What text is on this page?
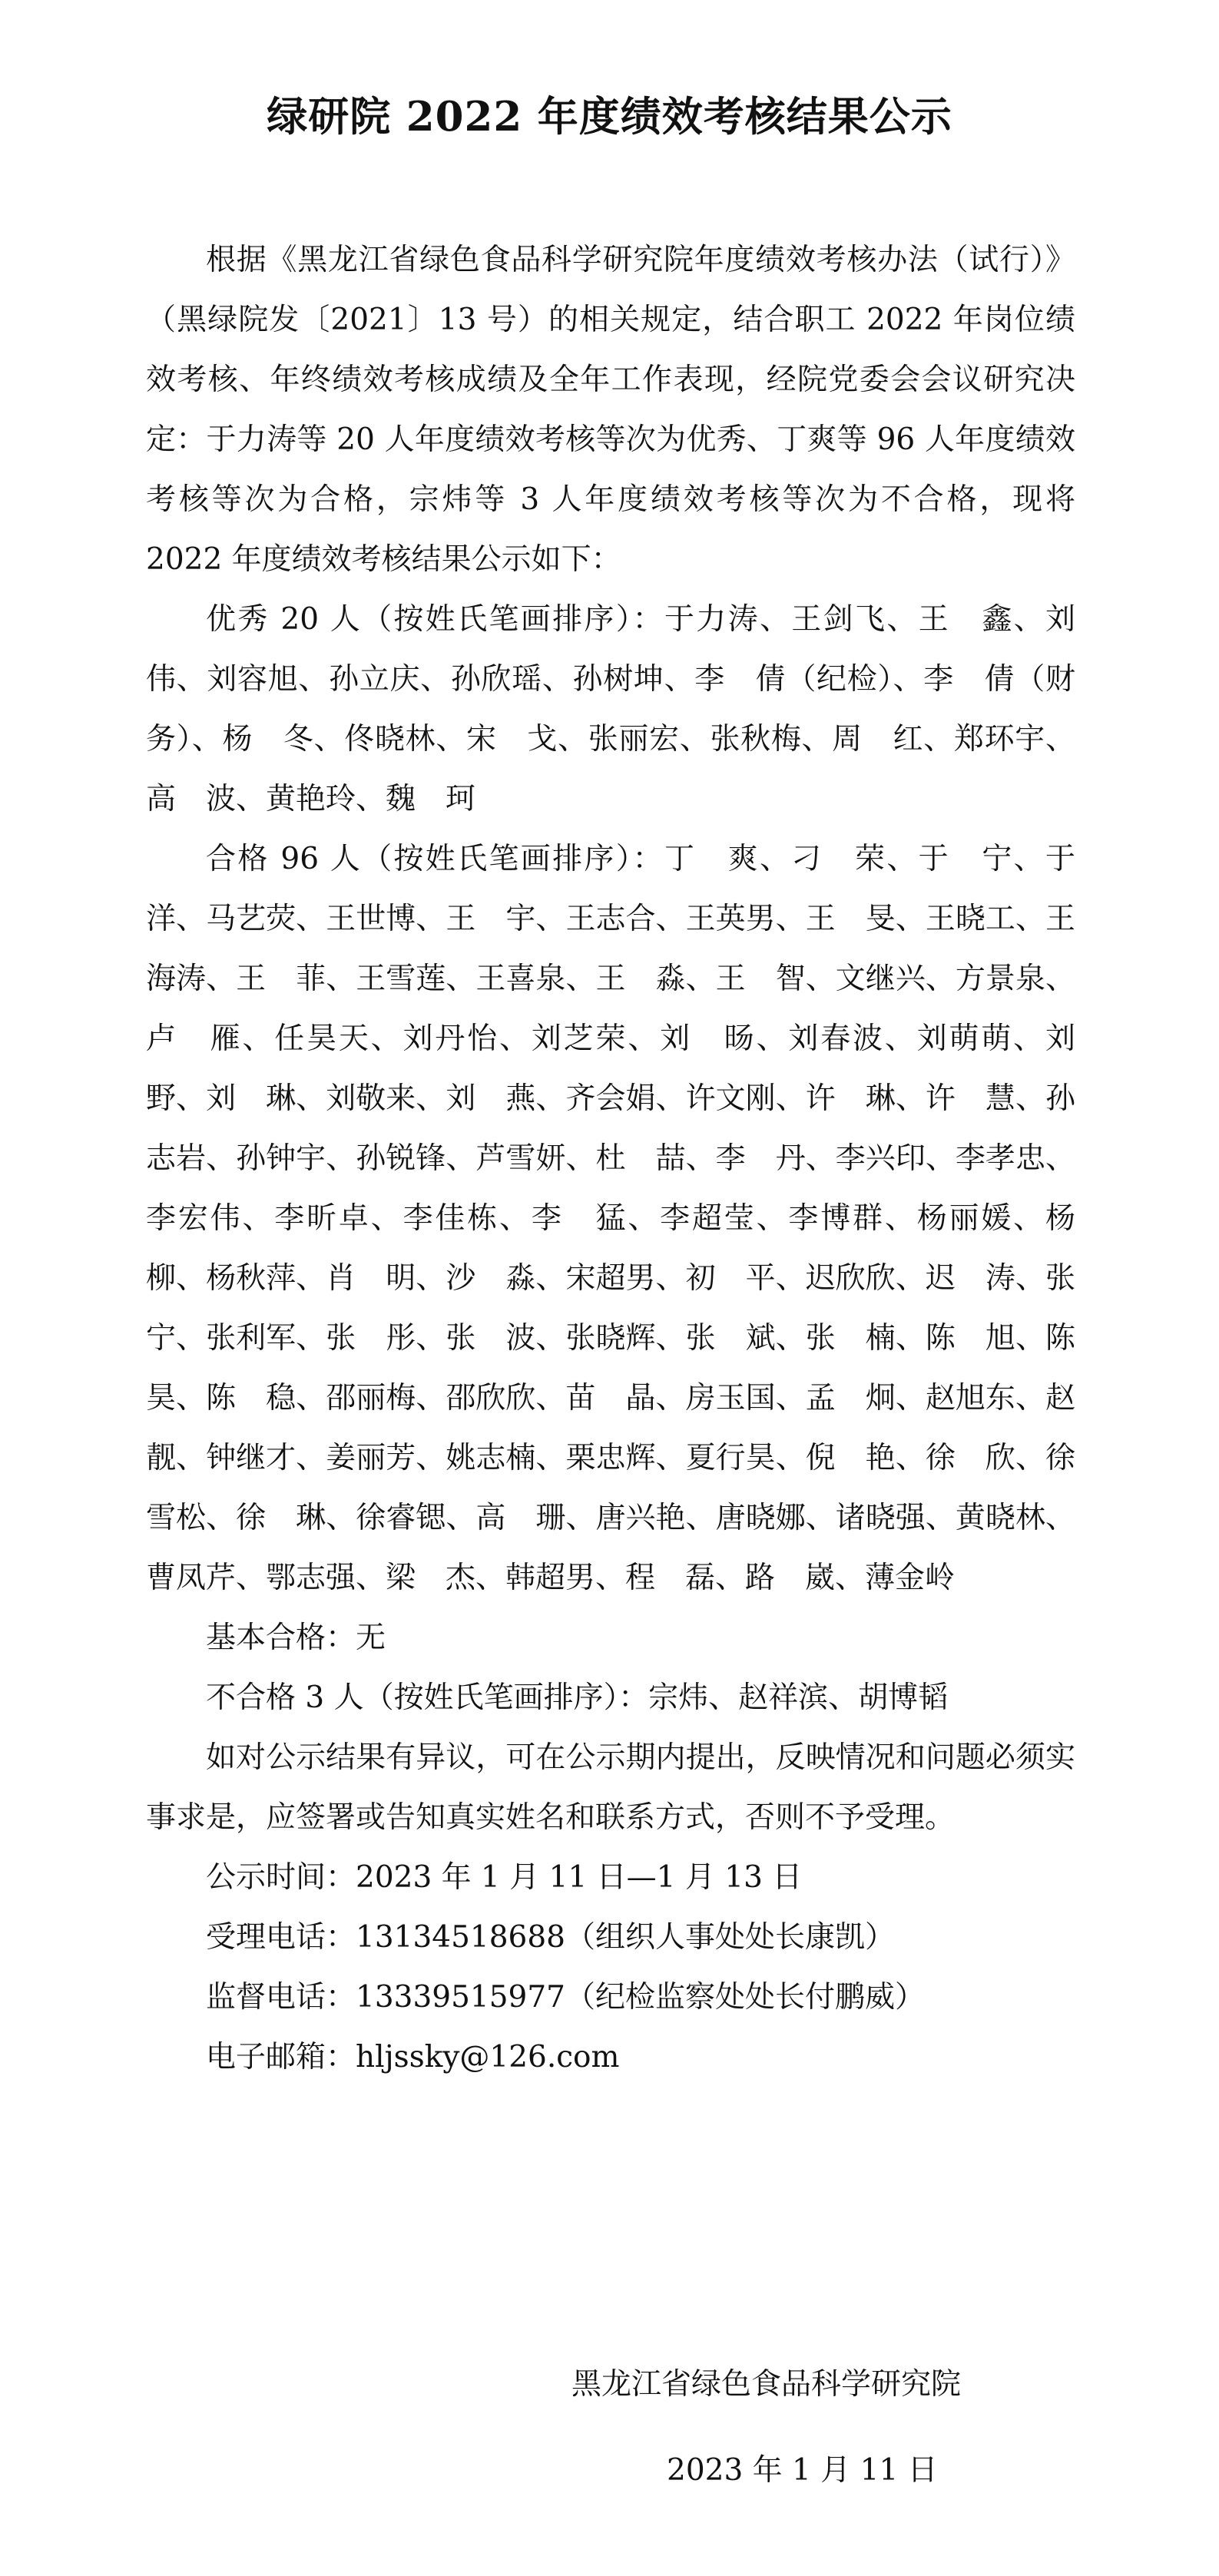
绿研院 2022 年度绩效考核结果公示

根据《黑龙江省绿色食品科学研究院年度绩效考核办法（试行）》（黑绿院发〔2021〕13 号）的相关规定，结合职工 2022 年岗位绩效考核、年终绩效考核成绩及全年工作表现，经院党委会会议研究决定：于力涛等 20 人年度绩效考核等次为优秀、丁爽等 96 人年度绩效考核等次为合格，宗炜等 3 人年度绩效考核等次为不合格，现将 2022 年度绩效考核结果公示如下：

优秀 20 人（按姓氏笔画排序）：于力涛、王剑飞、王　鑫、刘　伟、刘容旭、孙立庆、孙欣瑶、孙树坤、李　倩（纪检）、李　倩（财务）、杨　冬、佟晓林、宋　戈、张丽宏、张秋梅、周　红、郑环宇、高　波、黄艳玲、魏　珂

合格 96 人（按姓氏笔画排序）：丁　爽、刁　荣、于　宁、于　洋、马艺荧、王世博、王　宇、王志合、王英男、王　旻、王晓工、王海涛、王　菲、王雪莲、王喜泉、王　淼、王　智、文继兴、方景泉、卢　雁、任昊天、刘丹怡、刘芝荣、刘　旸、刘春波、刘萌萌、刘　野、刘　琳、刘敬来、刘　燕、齐会娟、许文刚、许　琳、许　慧、孙志岩、孙钟宇、孙锐锋、芦雪妍、杜　喆、李　丹、李兴印、李孝忠、李宏伟、李昕卓、李佳栋、李　猛、李超莹、李博群、杨丽媛、杨　柳、杨秋萍、肖　明、沙　淼、宋超男、初　平、迟欣欣、迟　涛、张　宁、张利军、张　彤、张　波、张晓辉、张　斌、张　楠、陈　旭、陈　昊、陈　稳、邵丽梅、邵欣欣、苗　晶、房玉国、孟　炯、赵旭东、赵　靓、钟继才、姜丽芳、姚志楠、栗忠辉、夏行昊、倪　艳、徐　欣、徐雪松、徐　琳、徐睿锶、高　珊、唐兴艳、唐晓娜、诸晓强、黄晓林、曹凤芹、鄂志强、梁　杰、韩超男、程　磊、路　崴、薄金岭

基本合格：无

不合格 3 人（按姓氏笔画排序）：宗炜、赵祥滨、胡博韬

如对公示结果有异议，可在公示期内提出，反映情况和问题必须实事求是，应签署或告知真实姓名和联系方式，否则不予受理。

公示时间：2023 年 1 月 11 日—1 月 13 日

受理电话：13134518688（组织人事处处长康凯）

监督电话：13339515977（纪检监察处处长付鹏威）

电子邮箱：hljssky@126.com

黑龙江省绿色食品科学研究院

2023 年 1 月 11 日
